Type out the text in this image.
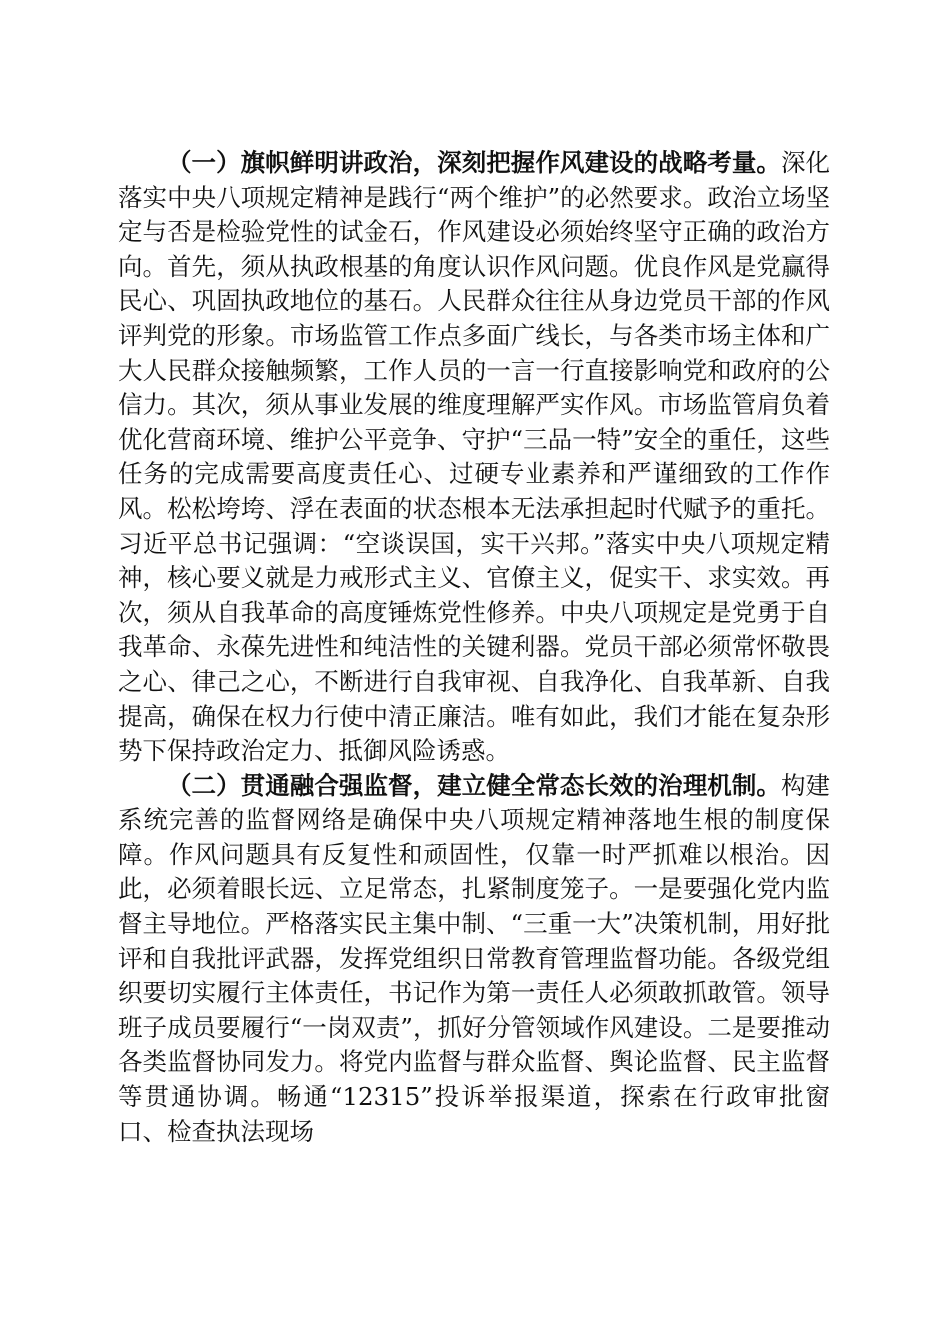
（一）旗帜鲜明讲政治，深刻把握作风建设的战略考量。深化落实中央八项规定精神是践行“两个维护”的必然要求。政治立场坚定与否是检验党性的试金石，作风建设必须始终坚守正确的政治方向。首先，须从执政根基的角度认识作风问题。优良作风是党赢得民心、巩固执政地位的基石。人民群众往往从身边党员干部的作风评判党的形象。市场监管工作点多面广线长，与各类市场主体和广大人民群众接触频繁，工作人员的一言一行直接影响党和政府的公信力。其次，须从事业发展的维度理解严实作风。市场监管肩负着优化营商环境、维护公平竞争、守护“三品一特”安全的重任，这些任务的完成需要高度责任心、过硬专业素养和严谨细致的工作作风。松松垮垮、浮在表面的状态根本无法承担起时代赋予的重托。习近平总书记强调：“空谈误国，实干兴邦。”落实中央八项规定精神，核心要义就是力戒形式主义、官僚主义，促实干、求实效。再次，须从自我革命的高度锤炼党性修养。中央八项规定是党勇于自我革命、永葆先进性和纯洁性的关键利器。党员干部必须常怀敬畏之心、律己之心，不断进行自我审视、自我净化、自我革新、自我提高，确保在权力行使中清正廉洁。唯有如此，我们才能在复杂形势下保持政治定力、抵御风险诱惑。

（二）贯通融合强监督，建立健全常态长效的治理机制。构建系统完善的监督网络是确保中央八项规定精神落地生根的制度保障。作风问题具有反复性和顽固性，仅靠一时严抓难以根治。因此，必须着眼长远、立足常态，扎紧制度笼子。一是要强化党内监督主导地位。严格落实民主集中制、“三重一大”决策机制，用好批评和自我批评武器，发挥党组织日常教育管理监督功能。各级党组织要切实履行主体责任，书记作为第一责任人必须敢抓敢管。领导班子成员要履行“一岗双责”，抓好分管领域作风建设。二是要推动各类监督协同发力。将党内监督与群众监督、舆论监督、民主监督等贯通协调。畅通“12315”投诉举报渠道，探索在行政审批窗口、检查执法现场
